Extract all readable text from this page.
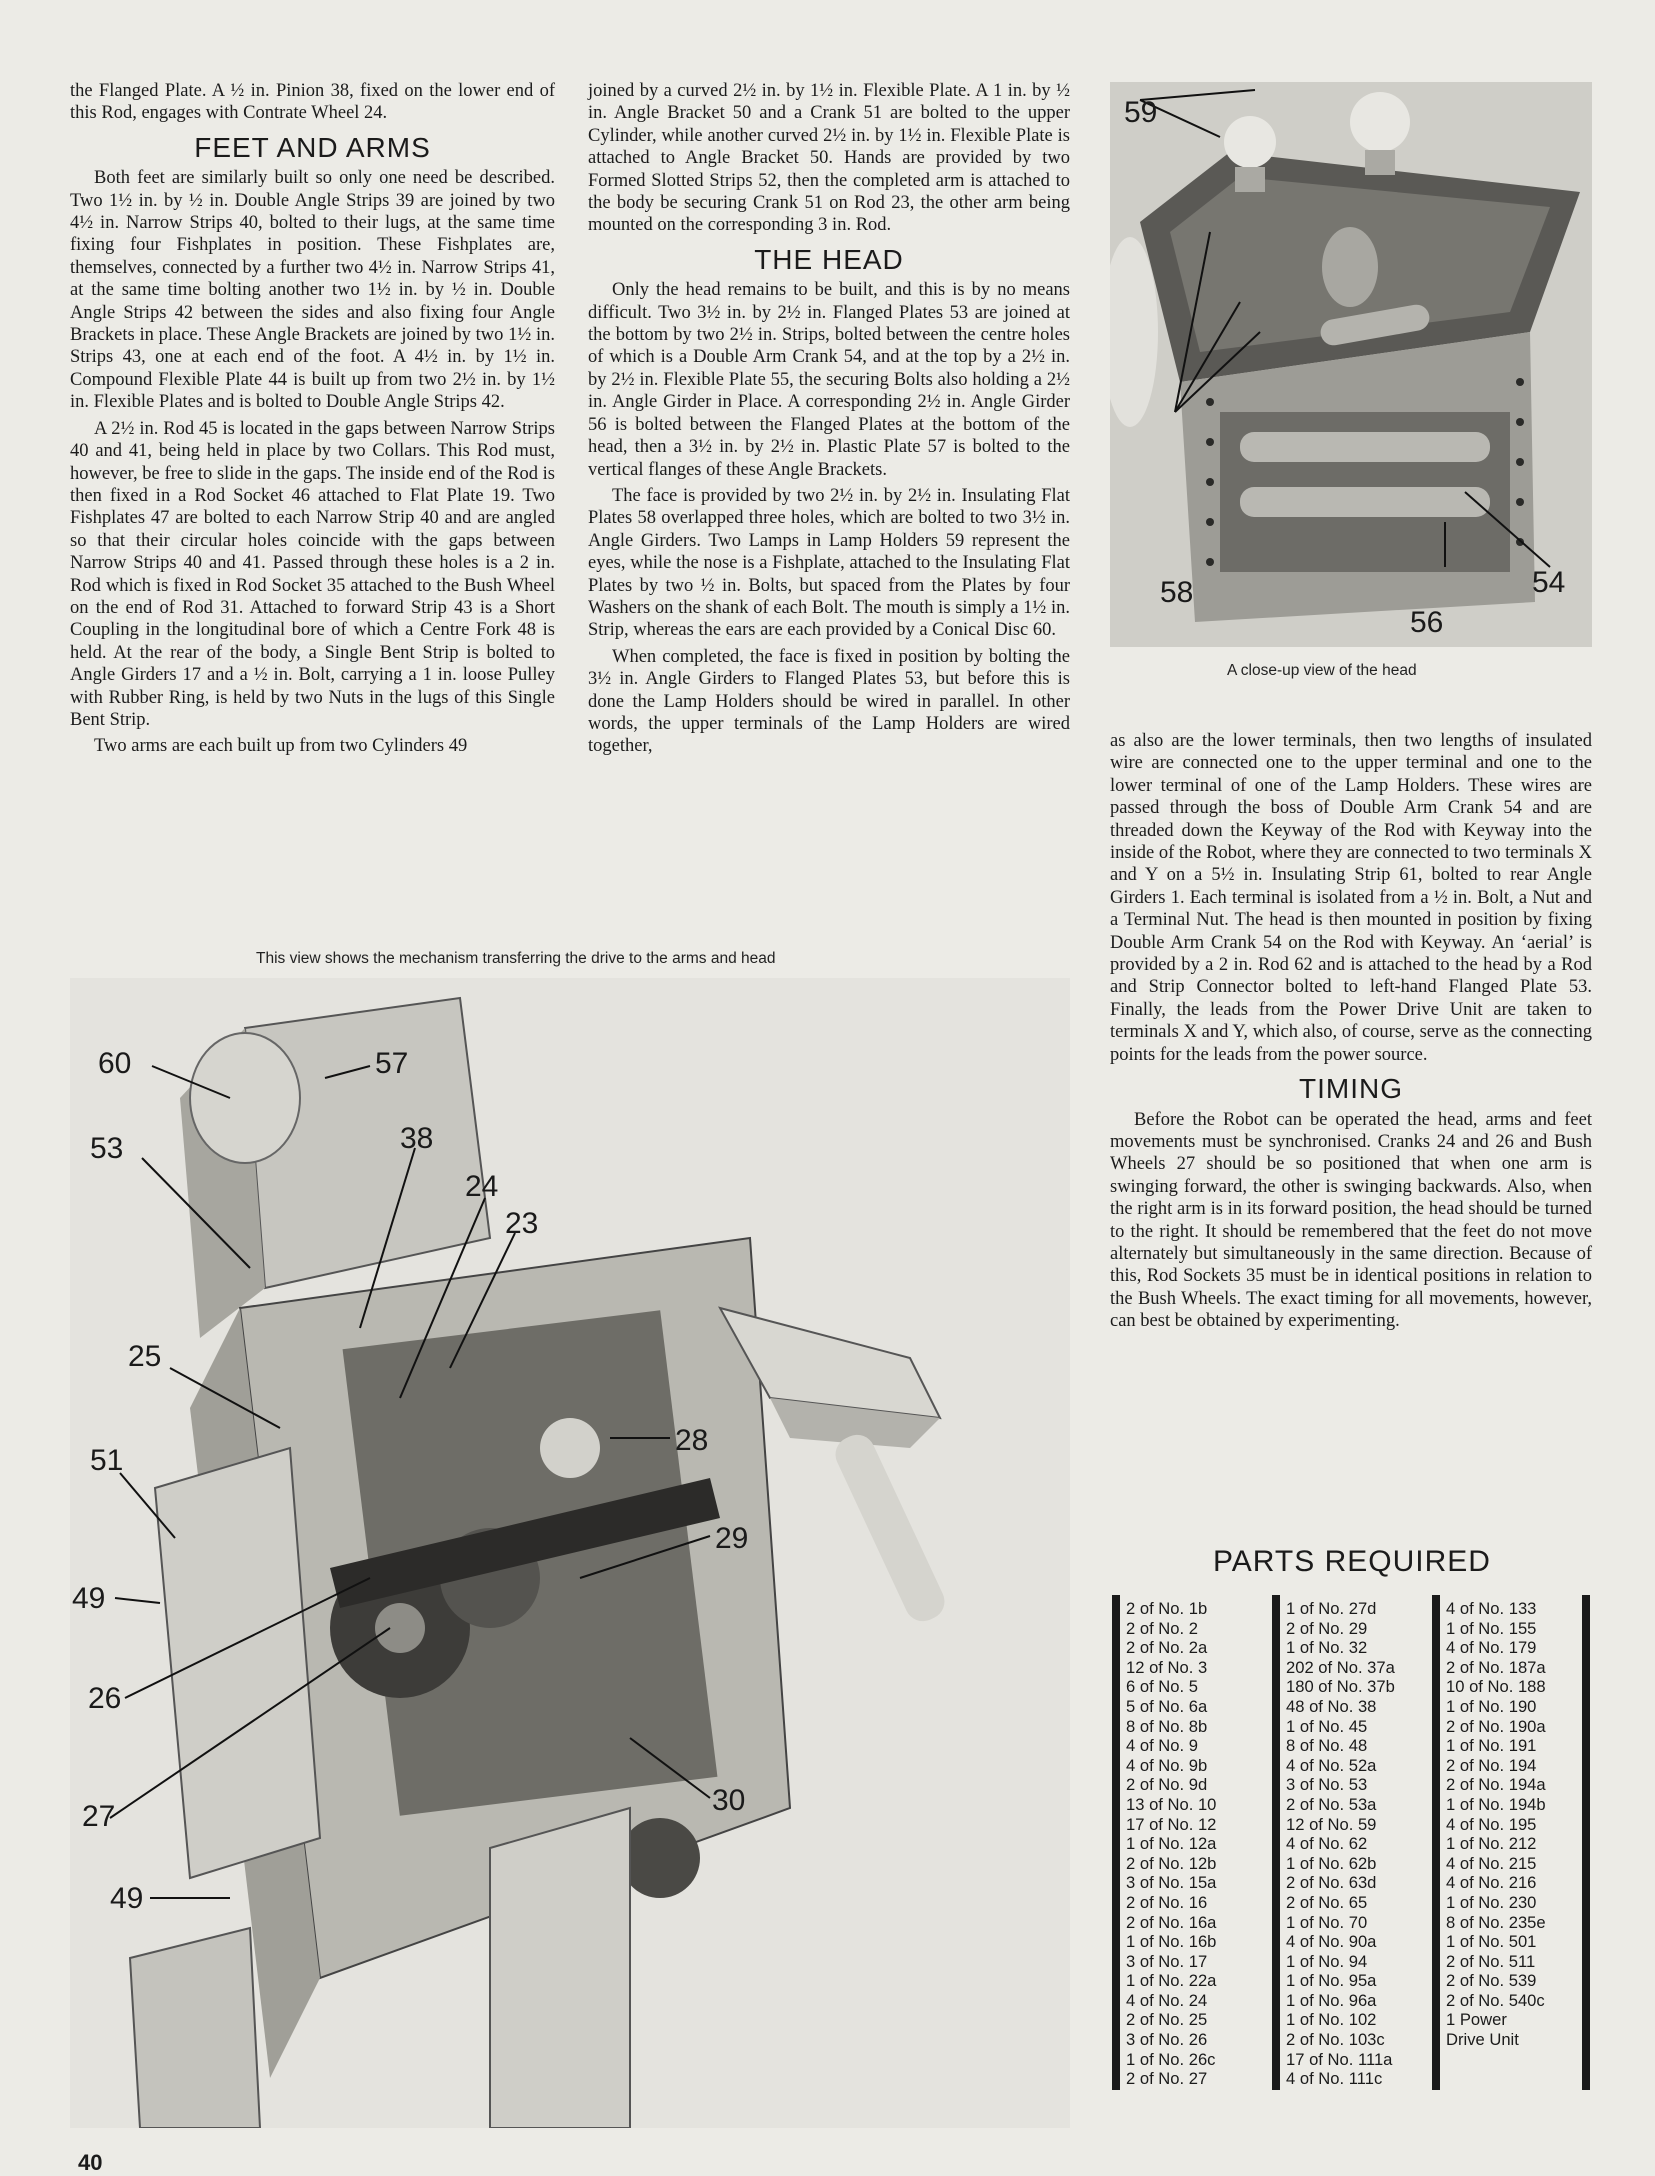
the Flanged Plate. A ½ in. Pinion 38, fixed on the lower end of this Rod, engages with Contrate Wheel 24.

FEET AND ARMS

Both feet are similarly built so only one need be described. Two 1½ in. by ½ in. Double Angle Strips 39 are joined by two 4½ in. Narrow Strips 40, bolted to their lugs, at the same time fixing four Fishplates in position. These Fishplates are, themselves, connected by a further two 4½ in. Narrow Strips 41, at the same time bolting another two 1½ in. by ½ in. Double Angle Strips 42 between the sides and also fixing four Angle Brackets in place. These Angle Brackets are joined by two 1½ in. Strips 43, one at each end of the foot. A 4½ in. by 1½ in. Compound Flexible Plate 44 is built up from two 2½ in. by 1½ in. Flexible Plates and is bolted to Double Angle Strips 42.

A 2½ in. Rod 45 is located in the gaps between Narrow Strips 40 and 41, being held in place by two Collars. This Rod must, however, be free to slide in the gaps. The inside end of the Rod is then fixed in a Rod Socket 46 attached to Flat Plate 19. Two Fishplates 47 are bolted to each Narrow Strip 40 and are angled so that their circular holes coincide with the gaps between Narrow Strips 40 and 41. Passed through these holes is a 2 in. Rod which is fixed in Rod Socket 35 attached to the Bush Wheel on the end of Rod 31. Attached to forward Strip 43 is a Short Coupling in the longitudinal bore of which a Centre Fork 48 is held. At the rear of the body, a Single Bent Strip is bolted to Angle Girders 17 and a ½ in. Bolt, carrying a 1 in. loose Pulley with Rubber Ring, is held by two Nuts in the lugs of this Single Bent Strip.

Two arms are each built up from two Cylinders 49

joined by a curved 2½ in. by 1½ in. Flexible Plate. A 1 in. by ½ in. Angle Bracket 50 and a Crank 51 are bolted to the upper Cylinder, while another curved 2½ in. by 1½ in. Flexible Plate is attached to Angle Bracket 50. Hands are provided by two Formed Slotted Strips 52, then the completed arm is attached to the body be securing Crank 51 on Rod 23, the other arm being mounted on the corresponding 3 in. Rod.

THE HEAD

Only the head remains to be built, and this is by no means difficult. Two 3½ in. by 2½ in. Flanged Plates 53 are joined at the bottom by two 2½ in. Strips, bolted between the centre holes of which is a Double Arm Crank 54, and at the top by a 2½ in. by 2½ in. Flexible Plate 55, the securing Bolts also holding a 2½ in. Angle Girder in Place. A corresponding 2½ in. Angle Girder 56 is bolted between the Flanged Plates at the bottom of the head, then a 3½ in. by 2½ in. Plastic Plate 57 is bolted to the vertical flanges of these Angle Brackets.

The face is provided by two 2½ in. by 2½ in. Insulating Flat Plates 58 overlapped three holes, which are bolted to two 3½ in. Angle Girders. Two Lamps in Lamp Holders 59 represent the eyes, while the nose is a Fishplate, attached to the Insulating Flat Plates by two ½ in. Bolts, but spaced from the Plates by four Washers on the shank of each Bolt. The mouth is simply a 1½ in. Strip, whereas the ears are each provided by a Conical Disc 60.

When completed, the face is fixed in position by bolting the 3½ in. Angle Girders to Flanged Plates 53, but before this is done the Lamp Holders should be wired in parallel. In other words, the upper terminals of the Lamp Holders are wired together,

59
58
56
54
A close-up view of the head

as also are the lower terminals, then two lengths of insulated wire are connected one to the upper terminal and one to the lower terminal of one of the Lamp Holders. These wires are passed through the boss of Double Arm Crank 54 and are threaded down the Keyway of the Rod with Keyway into the inside of the Robot, where they are connected to two terminals X and Y on a 5½ in. Insulating Strip 61, bolted to rear Angle Girders 1. Each terminal is isolated from a ½ in. Bolt, a Nut and a Terminal Nut. The head is then mounted in position by fixing Double Arm Crank 54 on the Rod with Keyway. An ‘aerial’ is provided by a 2 in. Rod 62 and is attached to the head by a Rod and Strip Connector bolted to left-hand Flanged Plate 53. Finally, the leads from the Power Drive Unit are taken to terminals X and Y, which also, of course, serve as the connecting points for the leads from the power source.

TIMING

Before the Robot can be operated the head, arms and feet movements must be synchronised. Cranks 24 and 26 and Bush Wheels 27 should be so positioned that when one arm is swinging forward, the other is swinging backwards. Also, when the right arm is in its forward position, the head should be turned to the right. It should be remembered that the feet do not move alternately but simultaneously in the same direction. Because of this, Rod Sockets 35 must be in identical positions in relation to the Bush Wheels. The exact timing for all movements, however, can best be obtained by experimenting.

This view shows the mechanism transferring the drive to the arms and head
60	57
53	38
24
23
25
51
28
29
49
26
27	30
49
PARTS REQUIRED
2 of No. 1b
2 of No. 2
2 of No. 2a
12 of No. 3
6 of No. 5
5 of No. 6a
8 of No. 8b
4 of No. 9
4 of No. 9b
2 of No. 9d
13 of No. 10
17 of No. 12
1 of No. 12a
2 of No. 12b
3 of No. 15a
2 of No. 16
2 of No. 16a
1 of No. 16b
3 of No. 17
1 of No. 22a
4 of No. 24
2 of No. 25
3 of No. 26
1 of No. 26c
2 of No. 27
1 of No. 27d
2 of No. 29
1 of No. 32
202 of No. 37a
180 of No. 37b
48 of No. 38
1 of No. 45
8 of No. 48
4 of No. 52a
3 of No. 53
2 of No. 53a
12 of No. 59
4 of No. 62
1 of No. 62b
2 of No. 63d
2 of No. 65
1 of No. 70
4 of No. 90a
1 of No. 94
1 of No. 95a
1 of No. 96a
1 of No. 102
2 of No. 103c
17 of No. 111a
4 of No. 111c
4 of No. 133
1 of No. 155
4 of No. 179
2 of No. 187a
10 of No. 188
1 of No. 190
2 of No. 190a
1 of No. 191
2 of No. 194
2 of No. 194a
1 of No. 194b
4 of No. 195
1 of No. 212
4 of No. 215
4 of No. 216
1 of No. 230
8 of No. 235e
1 of No. 501
2 of No. 511
2 of No. 539
2 of No. 540c
1 Power
Drive Unit
40
